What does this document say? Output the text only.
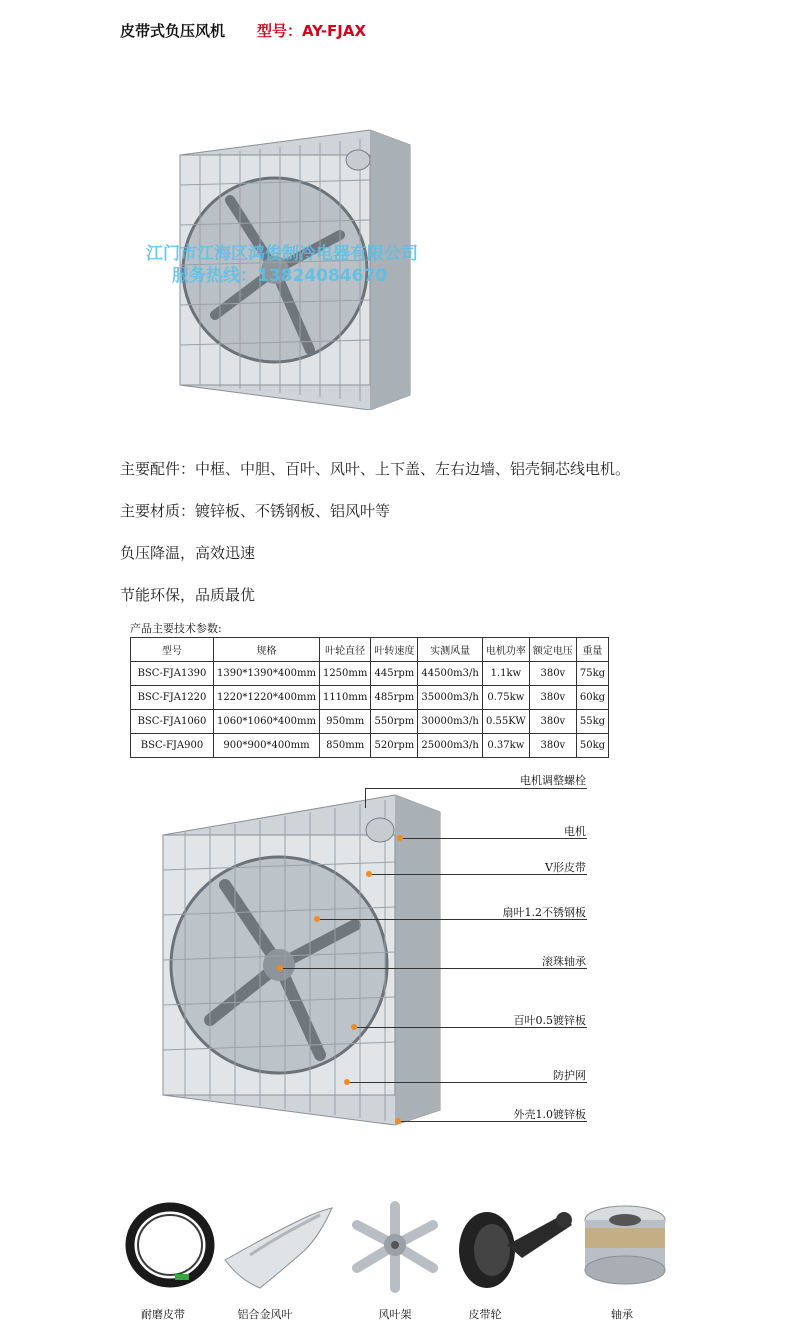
皮带式负压风机 型号：AY-FJAX
江门市江海区鸿俊制冷电器有限公司
服务热线：13824084670
主要配件：中框、中胆、百叶、风叶、上下盖、左右边墙、铝壳铜芯线电机。
主要材质：镀锌板、不锈钢板、铝风叶等
负压降温，高效迅速
节能环保，品质最优
产品主要技术参数:
型号	规格	叶轮直径	叶转速度	实测风量	电机功率	额定电压	重量
BSC-FJA1390	1390*1390*400mm	1250mm	445rpm	44500m3/h	1.1kw	380v	75kg
BSC-FJA1220	1220*1220*400mm	1110mm	485rpm	35000m3/h	0.75kw	380v	60kg
BSC-FJA1060	1060*1060*400mm	950mm	550rpm	30000m3/h	0.55KW	380v	55kg
BSC-FJA900	900*900*400mm	850mm	520rpm	25000m3/h	0.37kw	380v	50kg
电机调整螺栓
电机
V形皮带
扇叶1.2不锈钢板
滚珠轴承
百叶0.5镀锌板
防护网
外壳1.0镀锌板
耐磨皮带	铝合金风叶	风叶架	皮带轮	轴承
